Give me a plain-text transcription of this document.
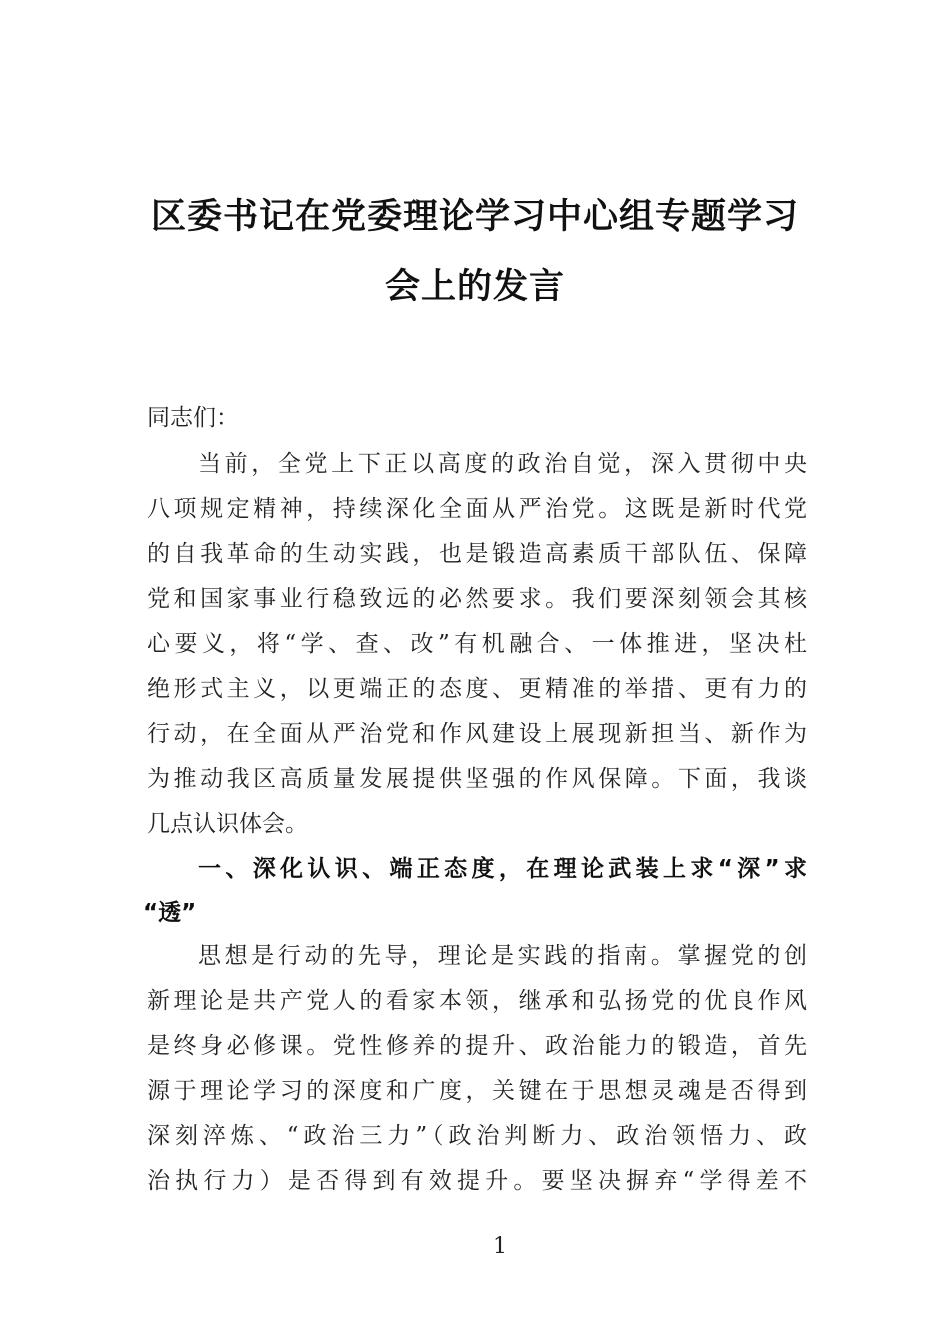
区委书记在党委理论学习中心组专题学习
会上的发言
同志们：
当前，全党上下正以高度的政治自觉，深入贯彻中央
八项规定精神，持续深化全面从严治党。这既是新时代党
的自我革命的生动实践，也是锻造高素质干部队伍、保障
党和国家事业行稳致远的必然要求。我们要深刻领会其核
心要义，将“学、查、改”有机融合、一体推进，坚决杜
绝形式主义，以更端正的态度、更精准的举措、更有力的
行动，在全面从严治党和作风建设上展现新担当、新作为
为推动我区高质量发展提供坚强的作风保障。下面，我谈
几点认识体会。
一、深化认识、端正态度，在理论武装上求“深”求
“透”
思想是行动的先导，理论是实践的指南。掌握党的创
新理论是共产党人的看家本领，继承和弘扬党的优良作风
是终身必修课。党性修养的提升、政治能力的锻造，首先
源于理论学习的深度和广度，关键在于思想灵魂是否得到
深刻淬炼、“政治三力”（政治判断力、政治领悟力、政
治执行力）是否得到有效提升。要坚决摒弃“学得差不
1
